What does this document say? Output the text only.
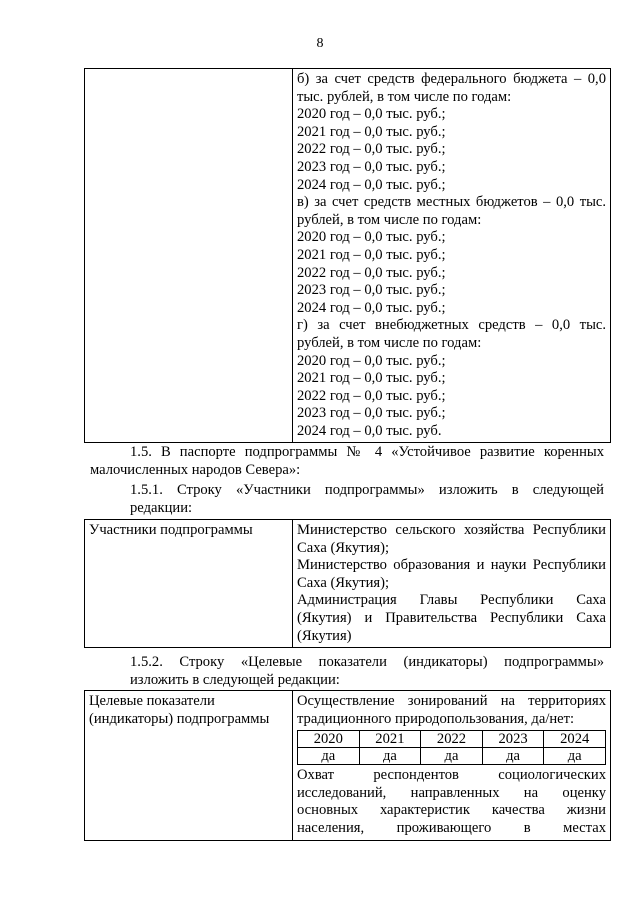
8

б) за счет средств федерального бюджета – 0,0
тыс. рублей, в том числе по годам:
2020 год – 0,0 тыс. руб.;
2021 год – 0,0 тыс. руб.;
2022 год – 0,0 тыс. руб.;
2023 год – 0,0 тыс. руб.;
2024 год – 0,0 тыс. руб.;
в) за счет средств местных бюджетов – 0,0 тыс.
рублей, в том числе по годам:
2020 год – 0,0 тыс. руб.;
2021 год – 0,0 тыс. руб.;
2022 год – 0,0 тыс. руб.;
2023 год – 0,0 тыс. руб.;
2024 год – 0,0 тыс. руб.;
г) за счет внебюджетных средств – 0,0 тыс.
рублей, в том числе по годам:
2020 год – 0,0 тыс. руб.;
2021 год – 0,0 тыс. руб.;
2022 год – 0,0 тыс. руб.;
2023 год – 0,0 тыс. руб.;
2024 год – 0,0 тыс. руб.
1.5. В паспорте подпрограммы № 4 «Устойчивое развитие коренных
малочисленных народов Севера»:
1.5.1. Строку «Участники подпрограммы» изложить в следующей
редакции:
Участники подпрограммы	Министерство сельского хозяйства Республики
Саха (Якутия);
Министерство образования и науки Республики
Саха (Якутия);
Администрация Главы Республики Саха
(Якутия) и Правительства Республики Саха
(Якутия)
1.5.2. Строку «Целевые показатели (индикаторы) подпрограммы»
изложить в следующей редакции:
Целевые показатели
(индикаторы) подпрограммы

Осуществление зонирований на территориях
традиционного природопользования, да/нет:
2020	2021	2022	2023	2024
да	да	да	да	да
Охват респондентов социологических
исследований, направленных на оценку
основных характеристик качества жизни
населения, проживающего в местах
